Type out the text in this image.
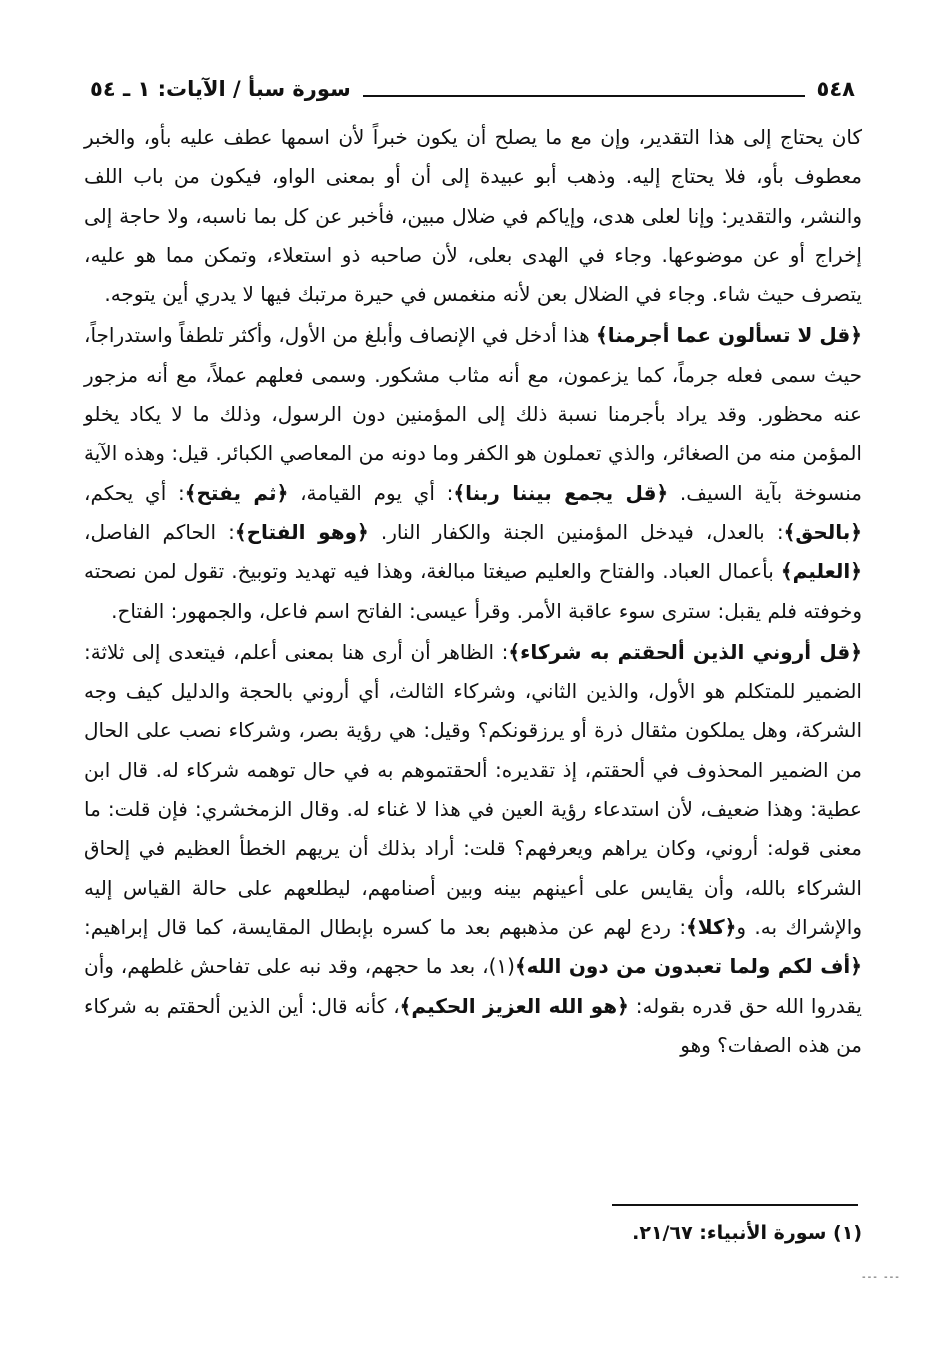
٥٤٨
سورة سبأ / الآيات: ١ ـ ٥٤

كان يحتاج إلى هذا التقدير، وإن مع ما يصلح أن يكون خبراً لأن اسمها عطف عليه بأو، والخبر معطوف بأو، فلا يحتاج إليه. وذهب أبو عبيدة إلى أن أو بمعنى الواو، فيكون من باب اللف والنشر، والتقدير: وإنا لعلى هدى، وإياكم في ضلال مبين، فأخبر عن كل بما ناسبه، ولا حاجة إلى إخراج أو عن موضوعها. وجاء في الهدى بعلى، لأن صاحبه ذو استعلاء، وتمكن مما هو عليه، يتصرف حيث شاء. وجاء في الضلال بعن لأنه منغمس في حيرة مرتبك فيها لا يدري أين يتوجه.

﴿قل لا تسألون عما أجرمنا﴾ هذا أدخل في الإنصاف وأبلغ من الأول، وأكثر تلطفاً واستدراجاً، حيث سمى فعله جرماً، كما يزعمون، مع أنه مثاب مشكور. وسمى فعلهم عملاً، مع أنه مزجور عنه محظور. وقد يراد بأجرمنا نسبة ذلك إلى المؤمنين دون الرسول، وذلك ما لا يكاد يخلو المؤمن منه من الصغائر، والذي تعملون هو الكفر وما دونه من المعاصي الكبائر. قيل: وهذه الآية منسوخة بآية السيف. ﴿قل يجمع بيننا ربنا﴾: أي يوم القيامة، ﴿ثم يفتح﴾: أي يحكم، ﴿بالحق﴾: بالعدل، فيدخل المؤمنين الجنة والكفار النار. ﴿وهو الفتاح﴾: الحاكم الفاصل، ﴿العليم﴾ بأعمال العباد. والفتاح والعليم صيغتا مبالغة، وهذا فيه تهديد وتوبيخ. تقول لمن نصحته وخوفته فلم يقبل: سترى سوء عاقبة الأمر. وقرأ عيسى: الفاتح اسم فاعل، والجمهور: الفتاح.

﴿قل أروني الذين ألحقتم به شركاء﴾: الظاهر أن أرى هنا بمعنى أعلم، فيتعدى إلى ثلاثة: الضمير للمتكلم هو الأول، والذين الثاني، وشركاء الثالث، أي أروني بالحجة والدليل كيف وجه الشركة، وهل يملكون مثقال ذرة أو يرزقونكم؟ وقيل: هي رؤية بصر، وشركاء نصب على الحال من الضمير المحذوف في ألحقتم، إذ تقديره: ألحقتموهم به في حال توهمه شركاء له. قال ابن عطية: وهذا ضعيف، لأن استدعاء رؤية العين في هذا لا غناء له. وقال الزمخشري: فإن قلت: ما معنى قوله: أروني، وكان يراهم ويعرفهم؟ قلت: أراد بذلك أن يريهم الخطأ العظيم في إلحاق الشركاء بالله، وأن يقايس على أعينهم بينه وبين أصنامهم، ليطلعهم على حالة القياس إليه والإشراك به. و﴿كلا﴾: ردع لهم عن مذهبهم بعد ما كسره بإبطال المقايسة، كما قال إبراهيم: ﴿أف لكم ولما تعبدون من دون الله﴾(١)، بعد ما حجهم، وقد نبه على تفاحش غلطهم، وأن يقدروا الله حق قدره بقوله: ﴿هو الله العزيز الحكيم﴾، كأنه قال: أين الذين ألحقتم به شركاء من هذه الصفات؟ وهو

(١) سورة الأنبياء: ٢١/٦٧.
--- ---
